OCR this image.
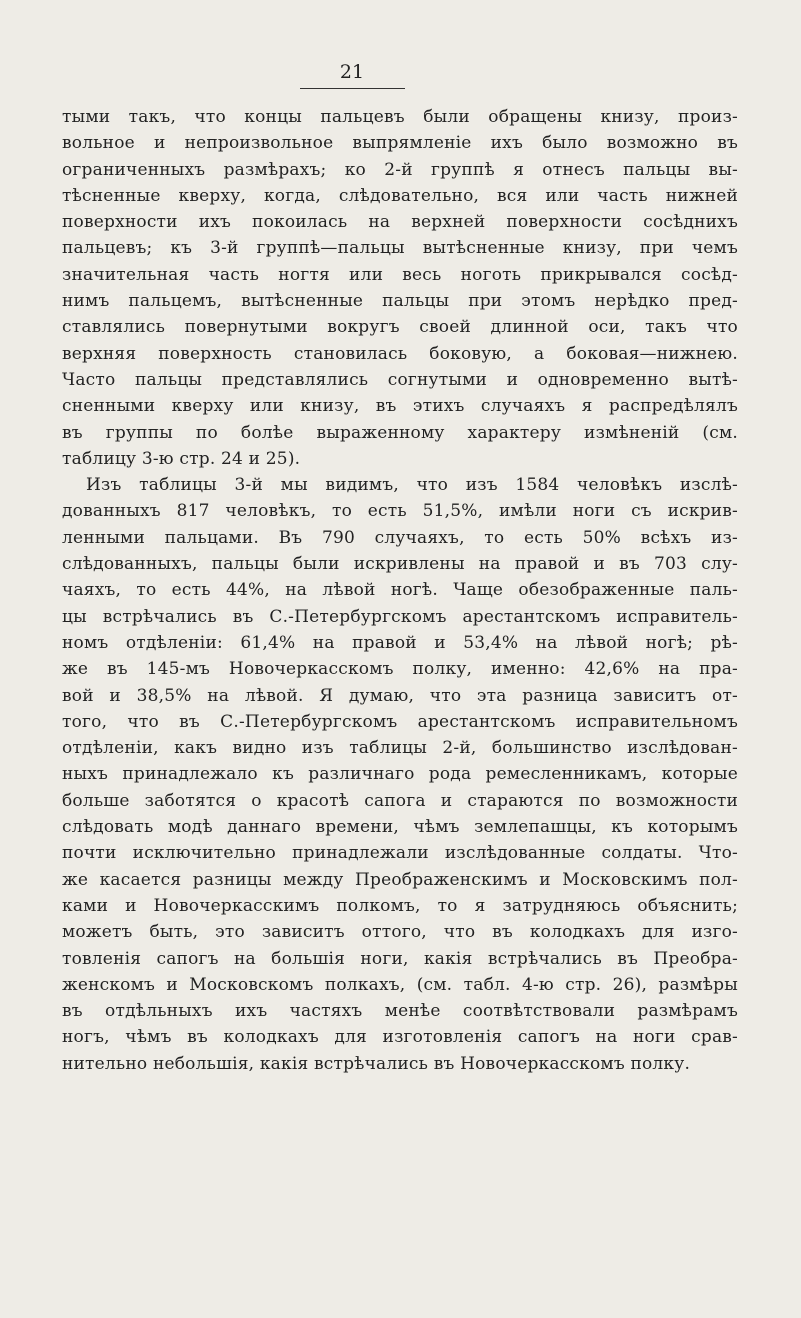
21
тыми такъ, что концы пальцевъ были обращены книзу, произ-
вольное и непроизвольное выпрямленіе ихъ было возможно въ
ограниченныхъ размѣрахъ; ко 2-й группѣ я отнесъ пальцы вы-
тѣсненные кверху, когда, слѣдовательно, вся или часть нижней
поверхности ихъ покоилась на верхней поверхности сосѣднихъ
пальцевъ; къ 3-й группѣ—пальцы вытѣсненные книзу, при чемъ
значительная часть ногтя или весь ноготь прикрывался сосѣд-
нимъ пальцемъ, вытѣсненные пальцы при этомъ нерѣдко пред-
ставлялись повернутыми вокругъ своей длинной оси, такъ что
верхняя поверхность становилась боковую, а боковая—нижнею.
Часто пальцы представлялись согнутыми и одновременно вытѣ-
сненными кверху или книзу, въ этихъ случаяхъ я распредѣлялъ
въ группы по болѣе выраженному характеру измѣненій (см.
таблицу 3-ю стр. 24 и 25).
Изъ таблицы 3-й мы видимъ, что изъ 1584 человѣкъ изслѣ-
дованныхъ 817 человѣкъ, то есть 51,5%, имѣли ноги съ искрив-
ленными пальцами. Въ 790 случаяхъ, то есть 50% всѣхъ из-
слѣдованныхъ, пальцы были искривлены на правой и въ 703 слу-
чаяхъ, то есть 44%, на лѣвой ногѣ. Чаще обезображенные паль-
цы встрѣчались въ С.-Петербургскомъ арестантскомъ исправитель-
номъ отдѣленіи: 61,4% на правой и 53,4% на лѣвой ногѣ; рѣ-
же въ 145-мъ Новочеркасскомъ полку, именно: 42,6% на пра-
вой и 38,5% на лѣвой. Я думаю, что эта разница зависитъ от-
того, что въ С.-Петербургскомъ арестантскомъ исправительномъ
отдѣленіи, какъ видно изъ таблицы 2-й, большинство изслѣдован-
ныхъ принадлежало къ различнаго рода ремесленникамъ, которые
больше заботятся о красотѣ сапога и стараются по возможности
слѣдовать модѣ даннаго времени, чѣмъ землепашцы, къ которымъ
почти исключительно принадлежали изслѣдованные солдаты. Что-
же касается разницы между Преображенскимъ и Московскимъ пол-
ками и Новочеркасскимъ полкомъ, то я затрудняюсь объяснить;
можетъ быть, это зависитъ оттого, что въ колодкахъ для изго-
товленія сапогъ на большія ноги, какія встрѣчались въ Преобра-
женскомъ и Московскомъ полкахъ, (см. табл. 4-ю стр. 26), размѣры
въ отдѣльныхъ ихъ частяхъ менѣе соотвѣтствовали размѣрамъ
ногъ, чѣмъ въ колодкахъ для изготовленія сапогъ на ноги срав-
нительно небольшія, какія встрѣчались въ Новочеркасскомъ полку.
